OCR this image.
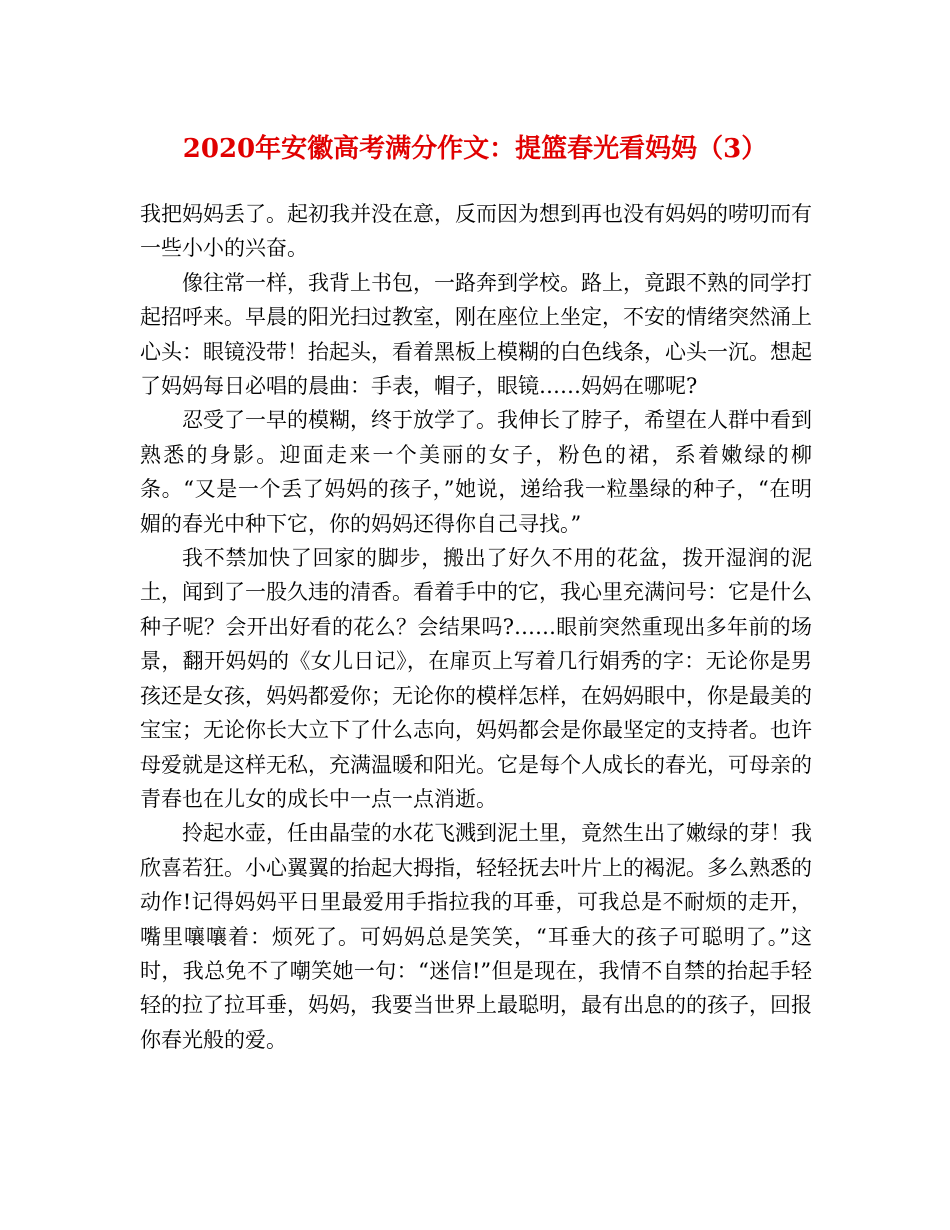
2020年安徽高考满分作文：提篮春光看妈妈（3）

我把妈妈丢了。起初我并没在意，反而因为想到再也没有妈妈的唠叨而有一些小小的兴奋。

像往常一样，我背上书包，一路奔到学校。路上，竟跟不熟的同学打起招呼来。早晨的阳光扫过教室，刚在座位上坐定，不安的情绪突然涌上心头：眼镜没带！抬起头，看着黑板上模糊的白色线条，心头一沉。想起了妈妈每日必唱的晨曲：手表，帽子，眼镜……妈妈在哪呢?

忍受了一早的模糊，终于放学了。我伸长了脖子，希望在人群中看到熟悉的身影。迎面走来一个美丽的女子，粉色的裙，系着嫩绿的柳条。“又是一个丢了妈妈的孩子，”她说，递给我一粒墨绿的种子，“在明媚的春光中种下它，你的妈妈还得你自己寻找。”

我不禁加快了回家的脚步，搬出了好久不用的花盆，拨开湿润的泥土，闻到了一股久违的清香。看着手中的它，我心里充满问号：它是什么种子呢？会开出好看的花么？会结果吗?……眼前突然重现出多年前的场景，翻开妈妈的《女儿日记》，在扉页上写着几行娟秀的字：无论你是男孩还是女孩，妈妈都爱你；无论你的模样怎样，在妈妈眼中，你是最美的宝宝；无论你长大立下了什么志向，妈妈都会是你最坚定的支持者。也许母爱就是这样无私，充满温暖和阳光。它是每个人成长的春光，可母亲的青春也在儿女的成长中一点一点消逝。

拎起水壶，任由晶莹的水花飞溅到泥土里，竟然生出了嫩绿的芽！我欣喜若狂。小心翼翼的抬起大拇指，轻轻抚去叶片上的褐泥。多么熟悉的动作!记得妈妈平日里最爱用手指拉我的耳垂，可我总是不耐烦的走开，嘴里嚷嚷着：烦死了。可妈妈总是笑笑，“耳垂大的孩子可聪明了。”这时，我总免不了嘲笑她一句：“迷信!”但是现在，我情不自禁的抬起手轻轻的拉了拉耳垂，妈妈，我要当世界上最聪明，最有出息的的孩子，回报你春光般的爱。
